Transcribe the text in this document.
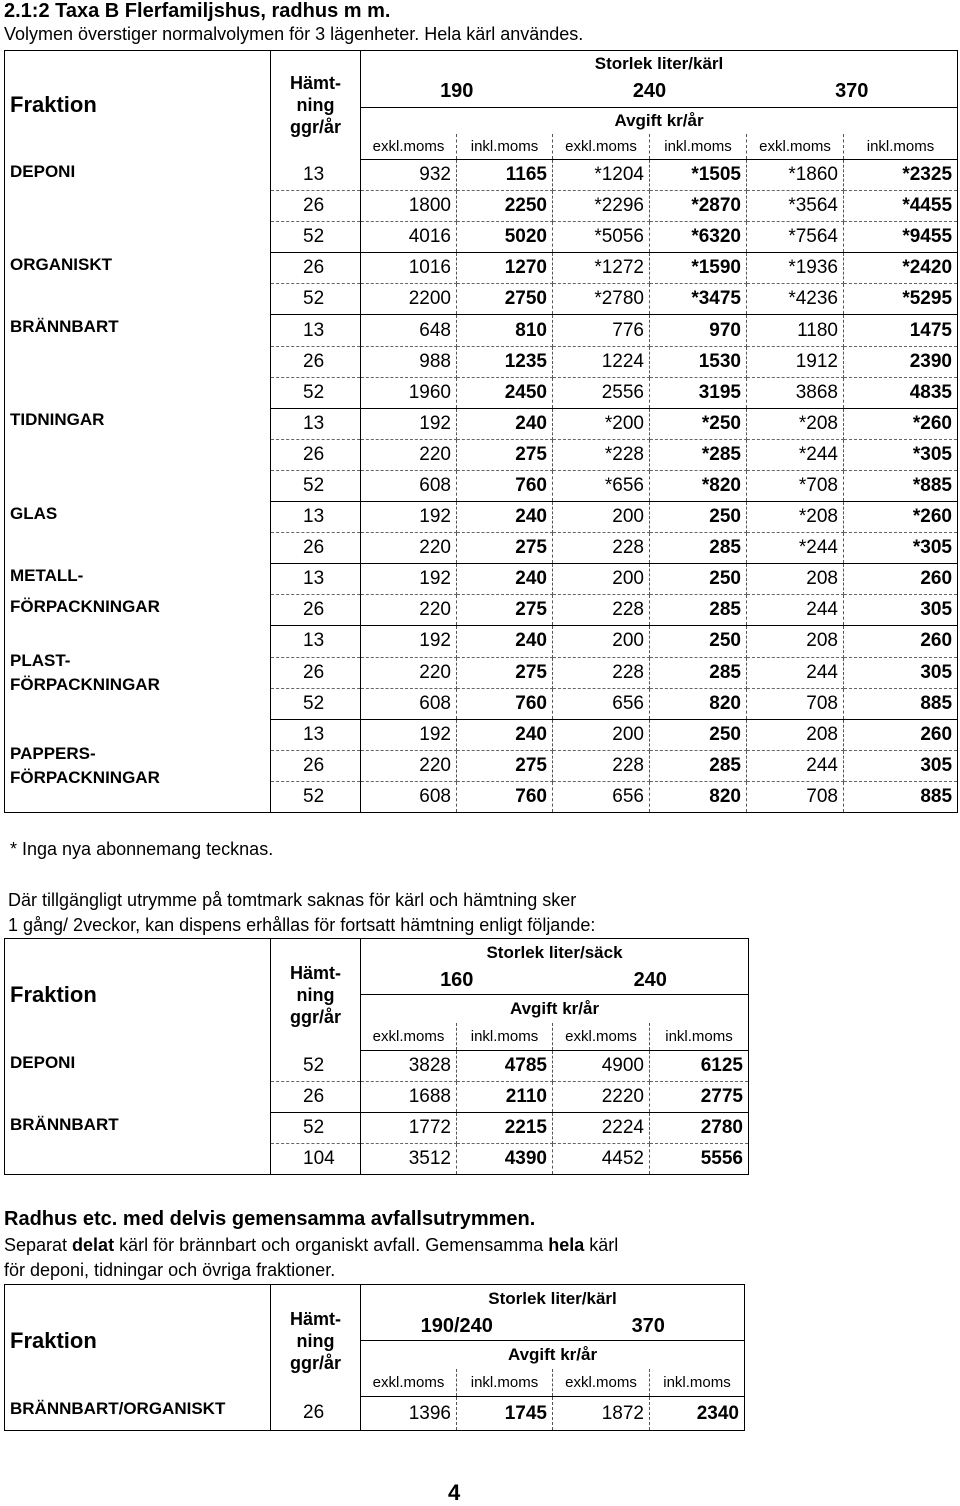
2.1:2 Taxa B Flerfamiljshus, radhus m m.
Volymen överstiger normalvolymen för 3 lägenheter. Hela kärl användes.
Fraktion	Hämt-
ning
ggr/år	Storlek liter/kärl					
		190		240		370	
		Avgift kr/år					
		exkl.moms	inkl.moms	exkl.moms	inkl.moms	exkl.moms	inkl.moms

DEPONI	13	932	1165	*1204	*1505	*1860	*2325
	26	1800	2250	*2296	*2870	*3564	*4455
	52	4016	5020	*5056	*6320	*7564	*9455

ORGANISKT	26	1016	1270	*1272	*1590	*1936	*2420
	52	2200	2750	*2780	*3475	*4236	*5295

BRÄNNBART	13	648	810	776	970	1180	1475
	26	988	1235	1224	1530	1912	2390
	52	1960	2450	2556	3195	3868	4835

TIDNINGAR	13	192	240	*200	*250	*208	*260
	26	220	275	*228	*285	*244	*305
	52	608	760	*656	*820	*708	*885

GLAS	13	192	240	200	250	*208	*260
	26	220	275	228	285	*244	*305

METALL-
FÖRPACKNINGAR	13	192	240	200	250	208	260
	26	220	275	228	285	244	305

PLAST-
FÖRPACKNINGAR	13	192	240	200	250	208	260
	26	220	275	228	285	244	305
	52	608	760	656	820	708	885

PAPPERS-
FÖRPACKNINGAR	13	192	240	200	250	208	260
	26	220	275	228	285	244	305
	52	608	760	656	820	708	885
* Inga nya abonnemang tecknas.
Där tillgängligt utrymme på tomtmark saknas för kärl och hämtning sker
1 gång/ 2veckor, kan dispens erhållas för fortsatt hämtning enligt följande:
Fraktion	Hämt-
ning
ggr/år	Storlek liter/säck			
		160		240	
		Avgift kr/år			
		exkl.moms	inkl.moms	exkl.moms	inkl.moms

DEPONI	52	3828	4785	4900	6125
	26	1688	2110	2220	2775

BRÄNNBART	52	1772	2215	2224	2780
	104	3512	4390	4452	5556
Radhus etc. med delvis gemensamma avfallsutrymmen.
Separat delat kärl för brännbart och organiskt avfall. Gemensamma hela kärl
för deponi, tidningar och övriga fraktioner.
Fraktion	Hämt-
ning
ggr/år	Storlek liter/kärl			
		190/240		370	
		Avgift kr/år			
		exkl.moms	inkl.moms	exkl.moms	inkl.moms

BRÄNNBART/ORGANISKT	26	1396	1745	1872	2340
4
